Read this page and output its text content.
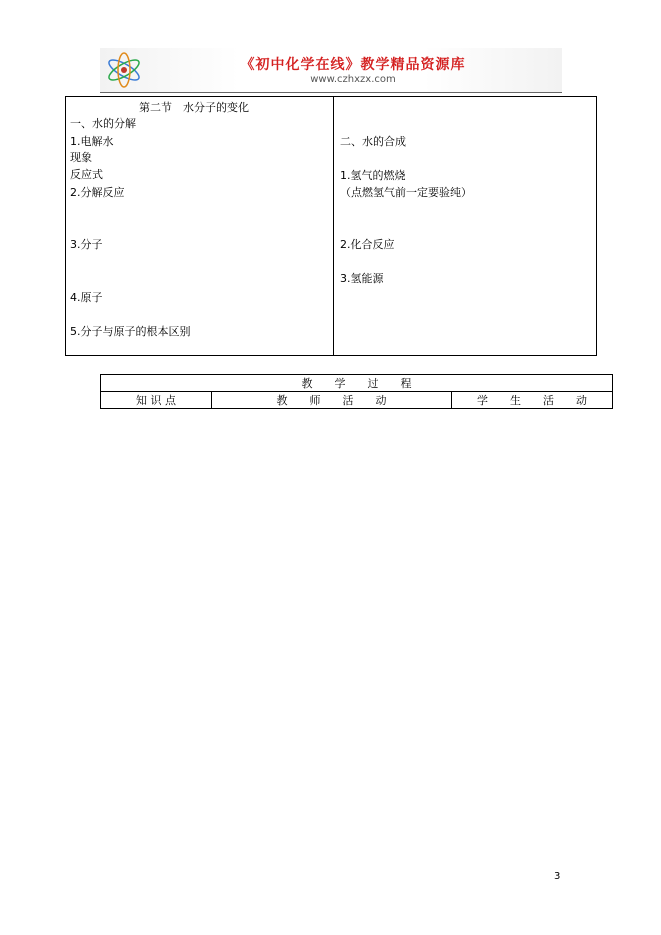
《初中化学在线》教学精品资源库
www.czhxzx.com
第二节　水分子的变化
一、水的分解
1.电解水
现象
反应式
2.分解反应
3.分子
4.原子
5.分子与原子的根本区别
二、水的合成
1.氢气的燃烧
（点燃氢气前一定要验纯）
2.化合反应
3.氢能源
教　　学　　过　　程
知 识 点	教　　师　　活　　动	学　　生　　活　　动
3
